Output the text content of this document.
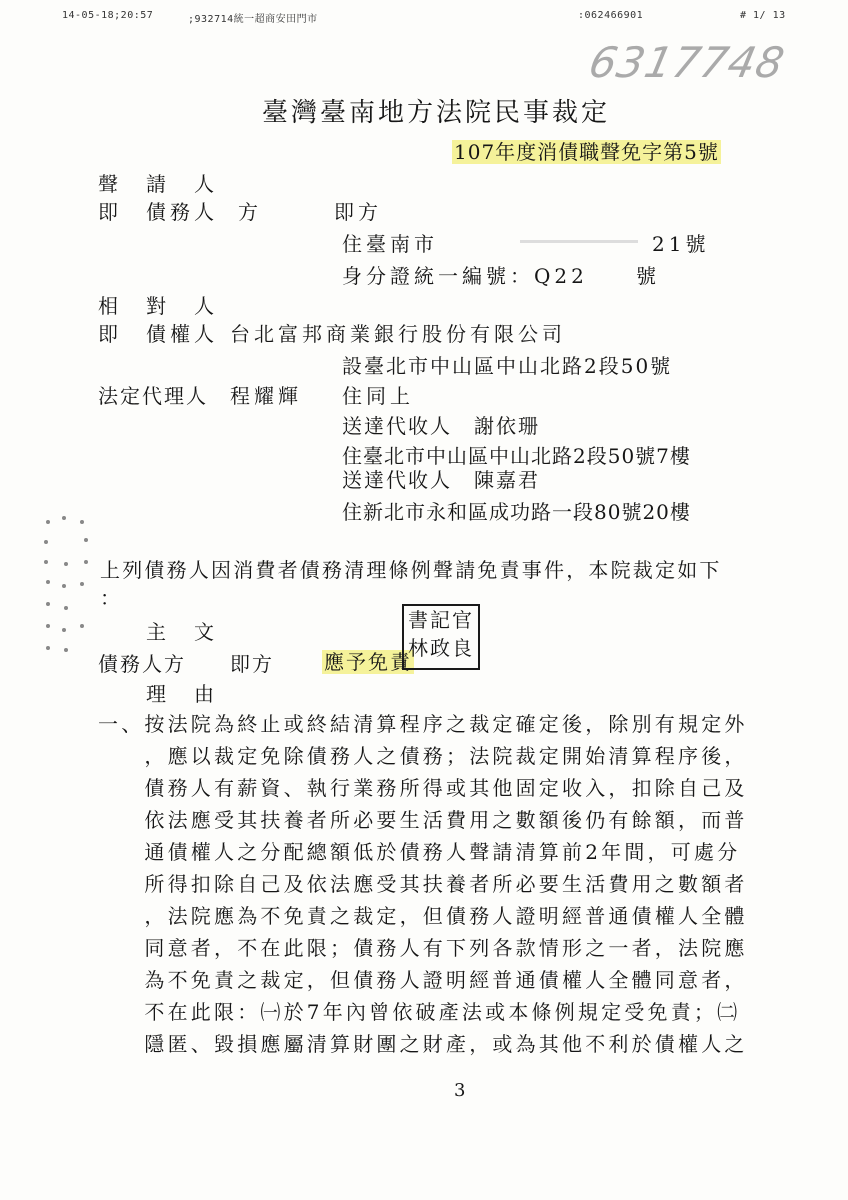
14-05-18;20:57	;932714統一超商安田門市	:062466901	# 1/ 13
6317748
臺灣臺南地方法院民事裁定
107年度消債職聲免字第5號
聲　請　人
即　債務人 方　　　即方
住臺南市	21號
身分證統一編號：Q22 號
相　對　人
即　債權人 台北富邦商業銀行股份有限公司
設臺北市中山區中山北路2段50號
法定代理人 程耀輝 住同上
送達代收人　謝依珊
住臺北市中山區中山北路2段50號7樓
送達代收人　陳嘉君
住新北市永和區成功路一段80號20樓
上列債務人因消費者債務清理條例聲請免責事件，本院裁定如下
：
主　文
債務人方　　即方	應予免責
書記官
林政良
理　由
一、按法院為終止或終結清算程序之裁定確定後，除別有規定外
　　，應以裁定免除債務人之債務；法院裁定開始清算程序後，
　　債務人有薪資、執行業務所得或其他固定收入，扣除自己及
　　依法應受其扶養者所必要生活費用之數額後仍有餘額，而普
　　通債權人之分配總額低於債務人聲請清算前2年間，可處分
　　所得扣除自己及依法應受其扶養者所必要生活費用之數額者
　　，法院應為不免責之裁定，但債務人證明經普通債權人全體
　　同意者，不在此限；債務人有下列各款情形之一者，法院應
　　為不免責之裁定，但債務人證明經普通債權人全體同意者，
　　不在此限：㈠於7年內曾依破產法或本條例規定受免責；㈡
　　隱匿、毀損應屬清算財團之財產，或為其他不利於債權人之
3
